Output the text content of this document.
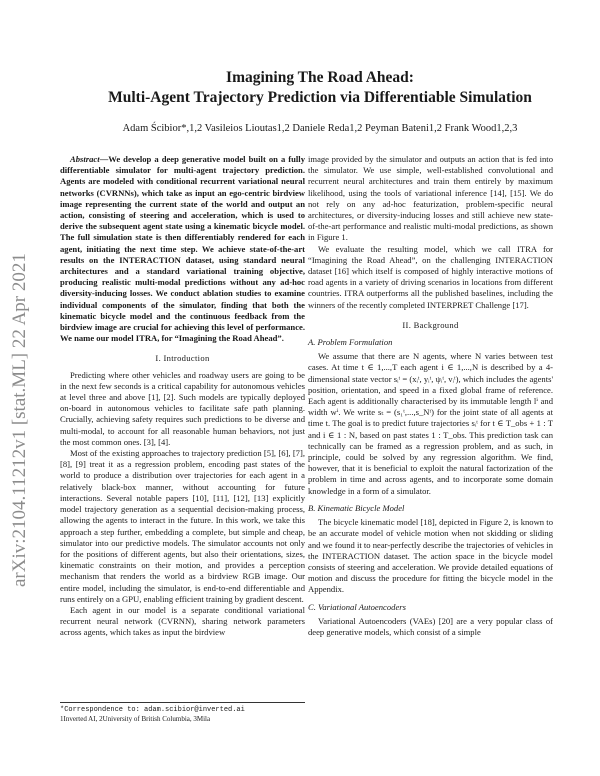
arXiv:2104.11212v1 [stat.ML] 22 Apr 2021
Imagining The Road Ahead:
Multi-Agent Trajectory Prediction via Differentiable Simulation
Adam Ścibior*,1,2 Vasileios Lioutas1,2 Daniele Reda1,2 Peyman Bateni1,2 Frank Wood1,2,3

Abstract—We develop a deep generative model built on a fully differentiable simulator for multi-agent trajectory prediction. Agents are modeled with conditional recurrent variational neural networks (CVRNNs), which take as input an ego-centric birdview image representing the current state of the world and output an action, consisting of steering and acceleration, which is used to derive the subsequent agent state using a kinematic bicycle model. The full simulation state is then differentiably rendered for each agent, initiating the next time step. We achieve state-of-the-art results on the INTERACTION dataset, using standard neural architectures and a standard variational training objective, producing realistic multi-modal predictions without any ad-hoc diversity-inducing losses. We conduct ablation studies to examine individual components of the simulator, finding that both the kinematic bicycle model and the continuous feedback from the birdview image are crucial for achieving this level of performance. We name our model ITRA, for “Imagining the Road Ahead”.

I. Introduction

Predicting where other vehicles and roadway users are going to be in the next few seconds is a critical capability for autonomous vehicles at level three and above [1], [2]. Such models are typically deployed on-board in autonomous vehicles to facilitate safe path planning. Crucially, achieving safety requires such predictions to be diverse and multi-modal, to account for all reasonable human behaviors, not just the most common ones. [3], [4].

Most of the existing approaches to trajectory prediction [5], [6], [7], [8], [9] treat it as a regression problem, encoding past states of the world to produce a distribution over trajectories for each agent in a relatively black-box manner, without accounting for future interactions. Several notable papers [10], [11], [12], [13] explicitly model trajectory generation as a sequential decision-making process, allowing the agents to interact in the future. In this work, we take this approach a step further, embedding a complete, but simple and cheap, simulator into our predictive models. The simulator accounts not only for the positions of different agents, but also their orientations, sizes, kinematic constraints on their motion, and provides a perception mechanism that renders the world as a birdview RGB image. Our entire model, including the simulator, is end-to-end differentiable and runs entirely on a GPU, enabling efficient training by gradient descent.

Each agent in our model is a separate conditional variational recurrent neural network (CVRNN), sharing network parameters across agents, which takes as input the birdview

*Correspondence to: adam.scibior@inverted.ai
1Inverted AI, 2University of British Columbia, 3Mila

image provided by the simulator and outputs an action that is fed into the simulator. We use simple, well-established convolutional and recurrent neural architectures and train them entirely by maximum likelihood, using the tools of variational inference [14], [15]. We do not rely on any ad-hoc featurization, problem-specific neural architectures, or diversity-inducing losses and still achieve new state-of-the-art performance and realistic multi-modal predictions, as shown in Figure 1.

We evaluate the resulting model, which we call ITRA for “Imagining the Road Ahead”, on the challenging INTERACTION dataset [16] which itself is composed of highly interactive motions of road agents in a variety of driving scenarios in locations from different countries. ITRA outperforms all the published baselines, including the winners of the recently completed INTERPRET Challenge [17].

II. Background
A. Problem Formulation

We assume that there are N agents, where N varies between test cases. At time t ∈ 1,...,T each agent i ∈ 1,...,N is described by a 4-dimensional state vector sᵢᵗ = (xᵢᵗ, yᵢᵗ, ψᵢᵗ, vᵢᵗ), which includes the agents' position, orientation, and speed in a fixed global frame of reference. Each agent is additionally characterised by its immutable length lⁱ and width wⁱ. We write sₜ = (s₁ᵗ,...,s_Nᵗ) for the joint state of all agents at time t. The goal is to predict future trajectories sᵢᵗ for t ∈ T_obs + 1 : T and i ∈ 1 : N, based on past states 1 : T_obs. This prediction task can technically can be framed as a regression problem, and as such, in principle, could be solved by any regression algorithm. We find, however, that it is beneficial to exploit the natural factorization of the problem in time and across agents, and to incorporate some domain knowledge in a form of a simulator.

B. Kinematic Bicycle Model

The bicycle kinematic model [18], depicted in Figure 2, is known to be an accurate model of vehicle motion when not skidding or sliding and we found it to near-perfectly describe the trajectories of vehicles in the INTERACTION dataset. The action space in the bicycle model consists of steering and acceleration. We provide detailed equations of motion and discuss the procedure for fitting the bicycle model in the Appendix.

C. Variational Autoencoders

Variational Autoencoders (VAEs) [20] are a very popular class of deep generative models, which consist of a simple
